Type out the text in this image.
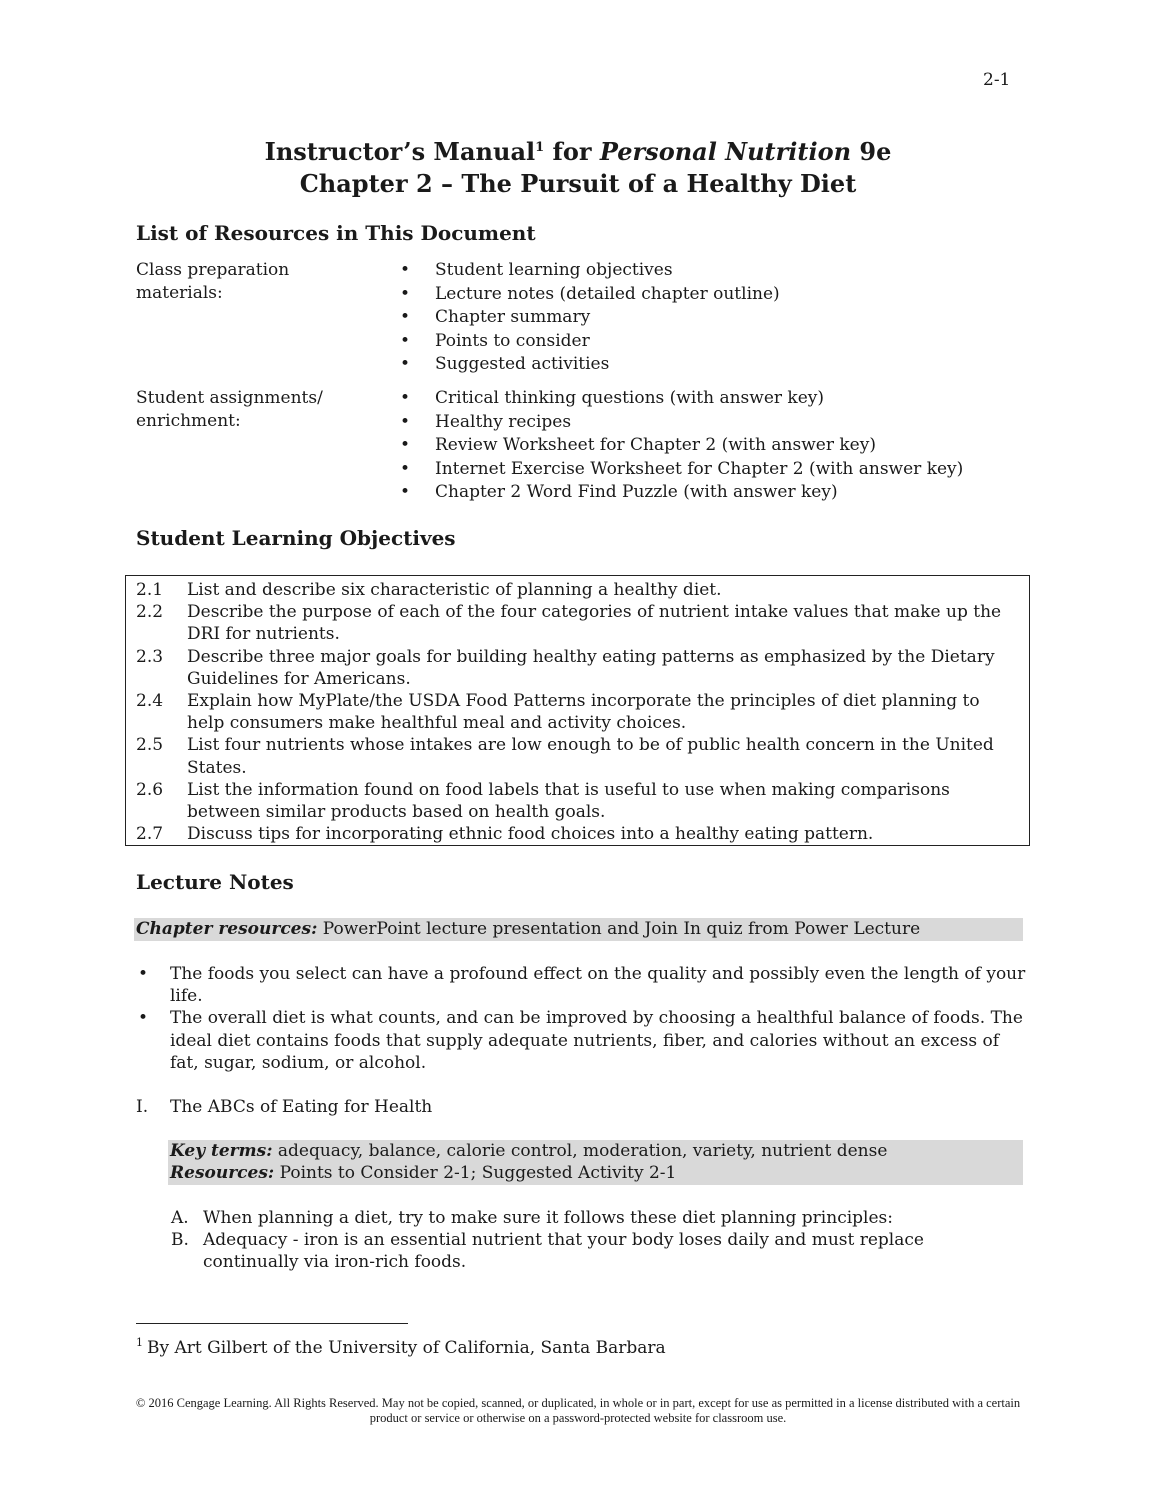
2-1
Instructor’s Manual$^1$ for Personal Nutrition 9e
Chapter 2 – The Pursuit of a Healthy Diet
List of Resources in This Document
Class preparation materials:
• Student learning objectives
• Lecture notes (detailed chapter outline)
• Chapter summary
• Points to consider
• Suggested activities
Student assignments/ enrichment:
• Critical thinking questions (with answer key)
• Healthy recipes
• Review Worksheet for Chapter 2 (with answer key)
• Internet Exercise Worksheet for Chapter 2 (with answer key)
• Chapter 2 Word Find Puzzle (with answer key)
Student Learning Objectives
2.1	List and describe six characteristic of planning a healthy diet.
2.2	Describe the purpose of each of the four categories of nutrient intake values that make up the DRI for nutrients.
2.3	Describe three major goals for building healthy eating patterns as emphasized by the Dietary Guidelines for Americans.
2.4	Explain how MyPlate/the USDA Food Patterns incorporate the principles of diet planning to help consumers make healthful meal and activity choices.
2.5	List four nutrients whose intakes are low enough to be of public health concern in the United States.
2.6	List the information found on food labels that is useful to use when making comparisons between similar products based on health goals.
2.7	Discuss tips for incorporating ethnic food choices into a healthy eating pattern.
Lecture Notes
Chapter resources: PowerPoint lecture presentation and Join In quiz from Power Lecture
• The foods you select can have a profound effect on the quality and possibly even the length of your life.
• The overall diet is what counts, and can be improved by choosing a healthful balance of foods. The ideal diet contains foods that supply adequate nutrients, fiber, and calories without an excess of fat, sugar, sodium, or alcohol.
I. The ABCs of Eating for Health
Key terms: adequacy, balance, calorie control, moderation, variety, nutrient dense
Resources: Points to Consider 2-1; Suggested Activity 2-1
A. When planning a diet, try to make sure it follows these diet planning principles:
B. Adequacy - iron is an essential nutrient that your body loses daily and must replace continually via iron-rich foods.
$^1$ By Art Gilbert of the University of California, Santa Barbara
© 2016 Cengage Learning. All Rights Reserved. May not be copied, scanned, or duplicated, in whole or in part, except for use as permitted in a license distributed with a certain product or service or otherwise on a password-protected website for classroom use.
